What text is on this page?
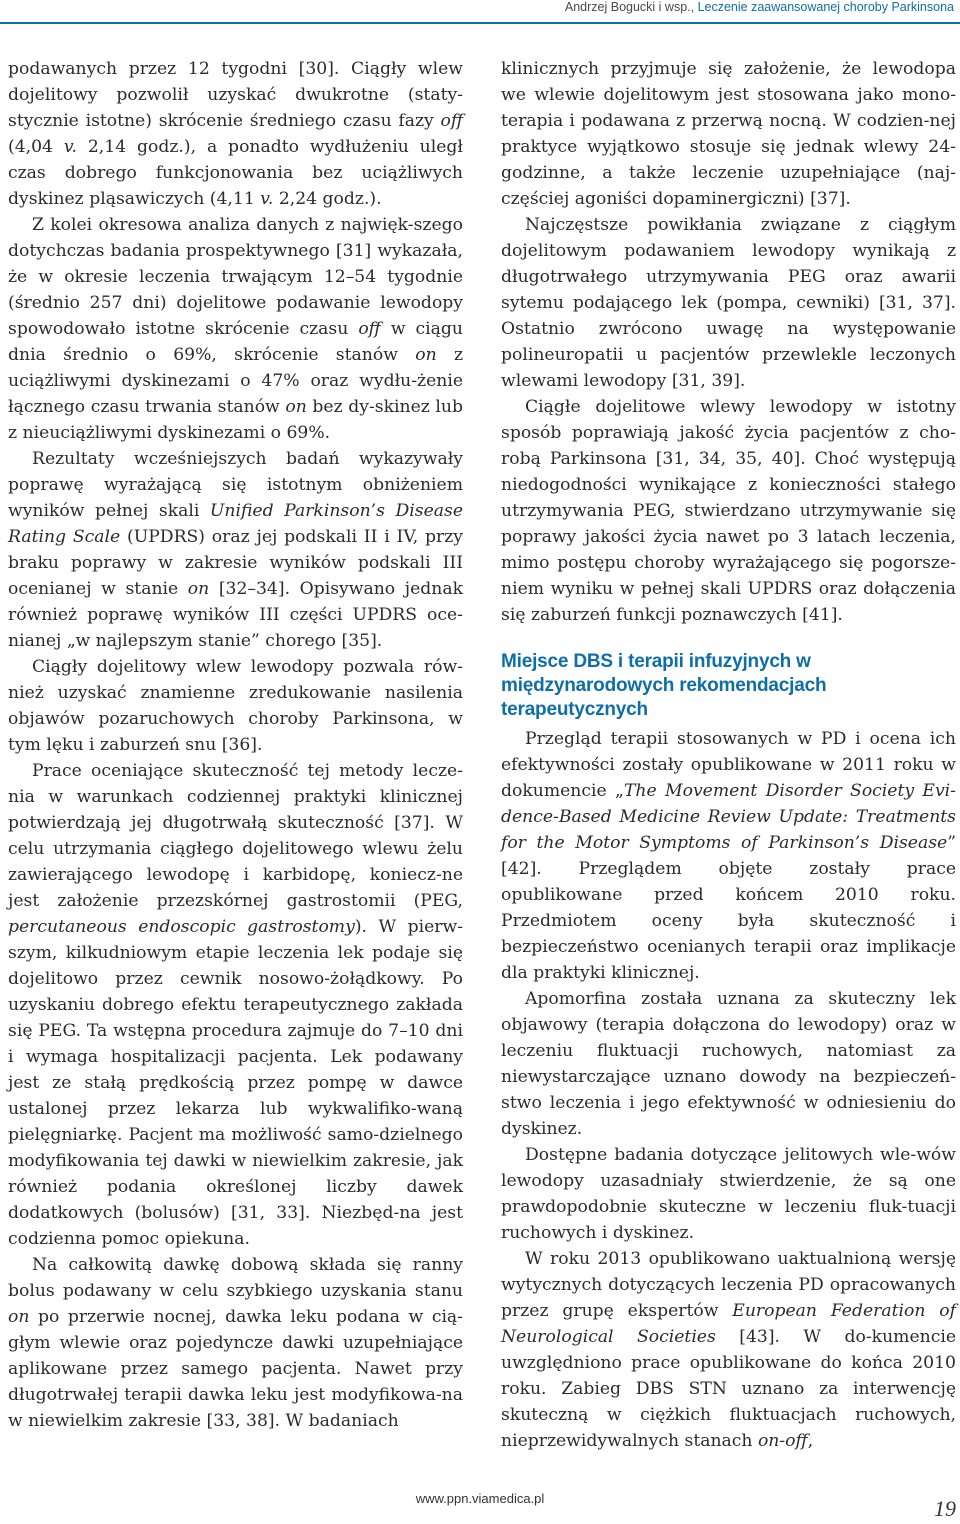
Andrzej Bogucki i wsp., Leczenie zaawansowanej choroby Parkinsona

podawanych przez 12 tygodni [30]. Ciągły wlew dojelitowy pozwolił uzyskać dwukrotne (staty-stycznie istotne) skrócenie średniego czasu fazy off (4,04 v. 2,14 godz.), a ponadto wydłużeniu uległ czas dobrego funkcjonowania bez uciążliwych dyskinez pląsawiczych (4,11 v. 2,24 godz.).

Z kolei okresowa analiza danych z najwięk-szego dotychczas badania prospektywnego [31] wykazała, że w okresie leczenia trwającym 12–54 tygodnie (średnio 257 dni) dojelitowe podawanie lewodopy spowodowało istotne skrócenie czasu off w ciągu dnia średnio o 69%, skrócenie stanów on z uciążliwymi dyskinezami o 47% oraz wydłu-żenie łącznego czasu trwania stanów on bez dy-skinez lub z nieuciążliwymi dyskinezami o 69%.

Rezultaty wcześniejszych badań wykazywały poprawę wyrażającą się istotnym obniżeniem wyników pełnej skali Unified Parkinson’s Disease Rating Scale (UPDRS) oraz jej podskali II i IV, przy braku poprawy w zakresie wyników podskali III ocenianej w stanie on [32–34]. Opisywano jednak również poprawę wyników III części UPDRS oce-nianej „w najlepszym stanie” chorego [35].

Ciągły dojelitowy wlew lewodopy pozwala rów-nież uzyskać znamienne zredukowanie nasilenia objawów pozaruchowych choroby Parkinsona, w tym lęku i zaburzeń snu [36].

Prace oceniające skuteczność tej metody lecze-nia w warunkach codziennej praktyki klinicznej potwierdzają jej długotrwałą skuteczność [37]. W celu utrzymania ciągłego dojelitowego wlewu żelu zawierającego lewodopę i karbidopę, koniecz-ne jest założenie przezskórnej gastrostomii (PEG, percutaneous endoscopic gastrostomy). W pierw-szym, kilkudniowym etapie leczenia lek podaje się dojelitowo przez cewnik nosowo-żołądkowy. Po uzyskaniu dobrego efektu terapeutycznego zakłada się PEG. Ta wstępna procedura zajmuje do 7–10 dni i wymaga hospitalizacji pacjenta. Lek podawany jest ze stałą prędkością przez pompę w dawce ustalonej przez lekarza lub wykwalifiko-waną pielęgniarkę. Pacjent ma możliwość samo-dzielnego modyfikowania tej dawki w niewielkim zakresie, jak również podania określonej liczby dawek dodatkowych (bolusów) [31, 33]. Niezbęd-na jest codzienna pomoc opiekuna.

Na całkowitą dawkę dobową składa się ranny bolus podawany w celu szybkiego uzyskania stanu on po przerwie nocnej, dawka leku podana w cią-głym wlewie oraz pojedyncze dawki uzupełniające aplikowane przez samego pacjenta. Nawet przy długotrwałej terapii dawka leku jest modyfikowa-na w niewielkim zakresie [33, 38]. W badaniach

klinicznych przyjmuje się założenie, że lewodopa we wlewie dojelitowym jest stosowana jako mono-terapia i podawana z przerwą nocną. W codzien-nej praktyce wyjątkowo stosuje się jednak wlewy 24-godzinne, a także leczenie uzupełniające (naj-częściej agoniści dopaminergiczni) [37].

Najczęstsze powikłania związane z ciągłym dojelitowym podawaniem lewodopy wynikają z długotrwałego utrzymywania PEG oraz awarii sytemu podającego lek (pompa, cewniki) [31, 37]. Ostatnio zwrócono uwagę na występowanie polineuropatii u pacjentów przewlekle leczonych wlewami lewodopy [31, 39].

Ciągłe dojelitowe wlewy lewodopy w istotny sposób poprawiają jakość życia pacjentów z cho-robą Parkinsona [31, 34, 35, 40]. Choć występują niedogodności wynikające z konieczności stałego utrzymywania PEG, stwierdzano utrzymywanie się poprawy jakości życia nawet po 3 latach leczenia, mimo postępu choroby wyrażającego się pogorsze-niem wyniku w pełnej skali UPDRS oraz dołączenia się zaburzeń funkcji poznawczych [41].

Miejsce DBS i terapii infuzyjnych w międzynarodowych rekomendacjach terapeutycznych

Przegląd terapii stosowanych w PD i ocena ich efektywności zostały opublikowane w 2011 roku w dokumencie „The Movement Disorder Society Evi-dence-Based Medicine Review Update: Treatments for the Motor Symptoms of Parkinson’s Disease” [42]. Przeglądem objęte zostały prace opublikowane przed końcem 2010 roku. Przedmiotem oceny była skuteczność i bezpieczeństwo ocenianych terapii oraz implikacje dla praktyki klinicznej.

Apomorfina została uznana za skuteczny lek objawowy (terapia dołączona do lewodopy) oraz w leczeniu fluktuacji ruchowych, natomiast za niewystarczające uznano dowody na bezpieczeń-stwo leczenia i jego efektywność w odniesieniu do dyskinez.

Dostępne badania dotyczące jelitowych wle-wów lewodopy uzasadniały stwierdzenie, że są one prawdopodobnie skuteczne w leczeniu fluk-tuacji ruchowych i dyskinez.

W roku 2013 opublikowano uaktualnioną wersję wytycznych dotyczących leczenia PD opracowanych przez grupę ekspertów European Federation of Neurological Societies [43]. W do-kumencie uwzględniono prace opublikowane do końca 2010 roku. Zabieg DBS STN uznano za interwencję skuteczną w ciężkich fluktuacjach ruchowych, nieprzewidywalnych stanach on-off,

www.ppn.viamedica.pl	19
